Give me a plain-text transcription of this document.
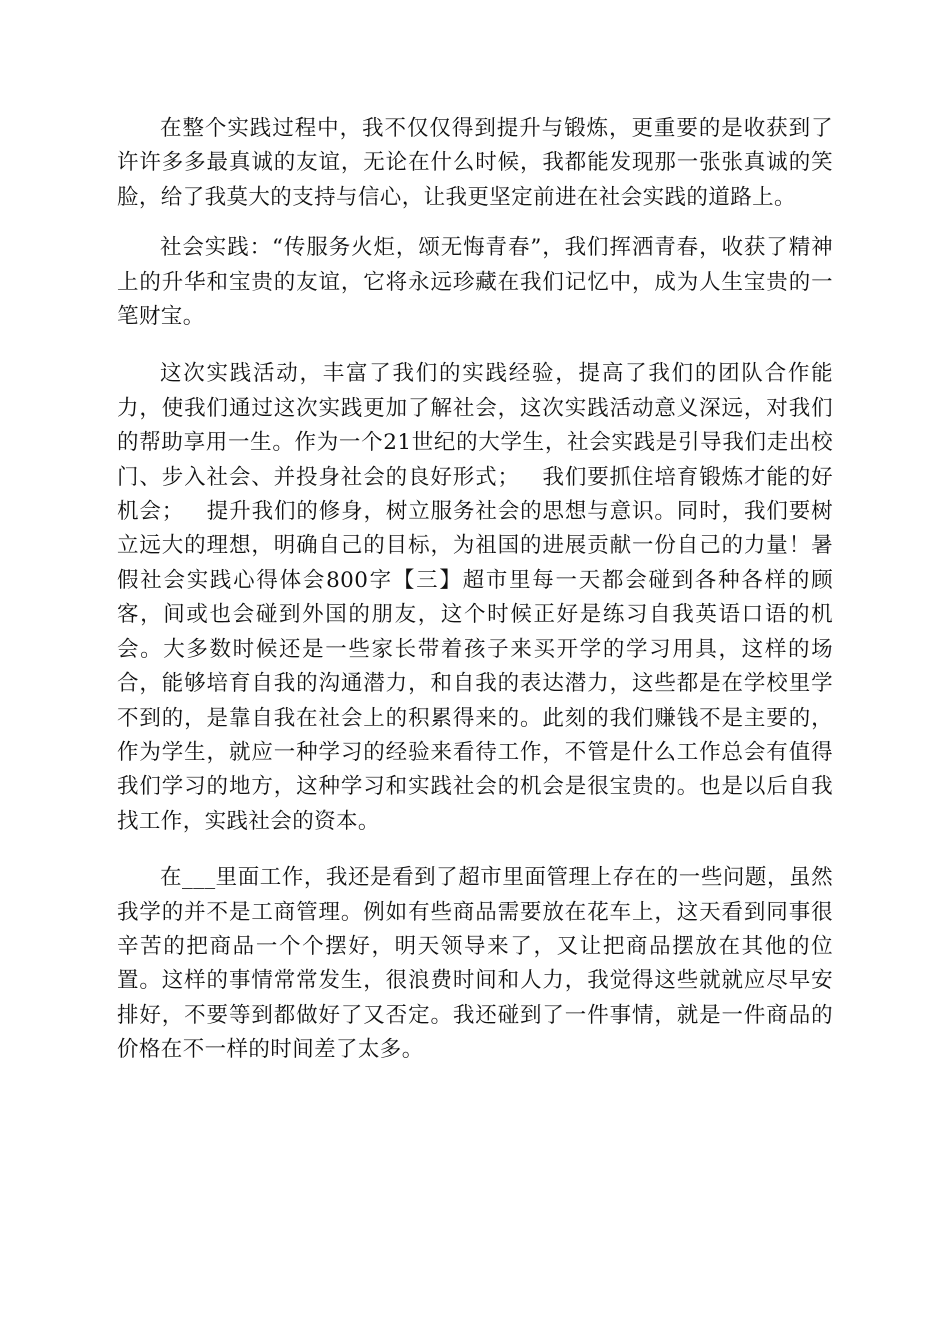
在整个实践过程中，我不仅仅得到提升与锻炼，更重要的是收获到了许许多多最真诚的友谊，无论在什么时候，我都能发现那一张张真诚的笑脸，给了我莫大的支持与信心，让我更坚定前进在社会实践的道路上。

社会实践：“传服务火炬，颂无悔青春”，我们挥洒青春，收获了精神上的升华和宝贵的友谊，它将永远珍藏在我们记忆中，成为人生宝贵的一笔财宝。

这次实践活动，丰富了我们的实践经验，提高了我们的团队合作能力，使我们通过这次实践更加了解社会，这次实践活动意义深远，对我们的帮助享用一生。作为一个21世纪的大学生，社会实践是引导我们走出校门、步入社会、并投身社会的良好形式；   我们要抓住培育锻炼才能的好机会；   提升我们的修身，树立服务社会的思想与意识。同时，我们要树立远大的理想，明确自己的目标，为祖国的进展贡献一份自己的力量！暑假社会实践心得体会800字【三】超市里每一天都会碰到各种各样的顾客，间或也会碰到外国的朋友，这个时候正好是练习自我英语口语的机会。大多数时候还是一些家长带着孩子来买开学的学习用具，这样的场合，能够培育自我的沟通潜力，和自我的表达潜力，这些都是在学校里学不到的，是靠自我在社会上的积累得来的。此刻的我们赚钱不是主要的，作为学生，就应一种学习的经验来看待工作，不管是什么工作总会有值得我们学习的地方，这种学习和实践社会的机会是很宝贵的。也是以后自我找工作，实践社会的资本。

在___里面工作，我还是看到了超市里面管理上存在的一些问题，虽然我学的并不是工商管理。例如有些商品需要放在花车上，这天看到同事很辛苦的把商品一个个摆好，明天领导来了，又让把商品摆放在其他的位置。这样的事情常常发生，很浪费时间和人力，我觉得这些就就应尽早安排好，不要等到都做好了又否定。我还碰到了一件事情，就是一件商品的价格在不一样的时间差了太多。
